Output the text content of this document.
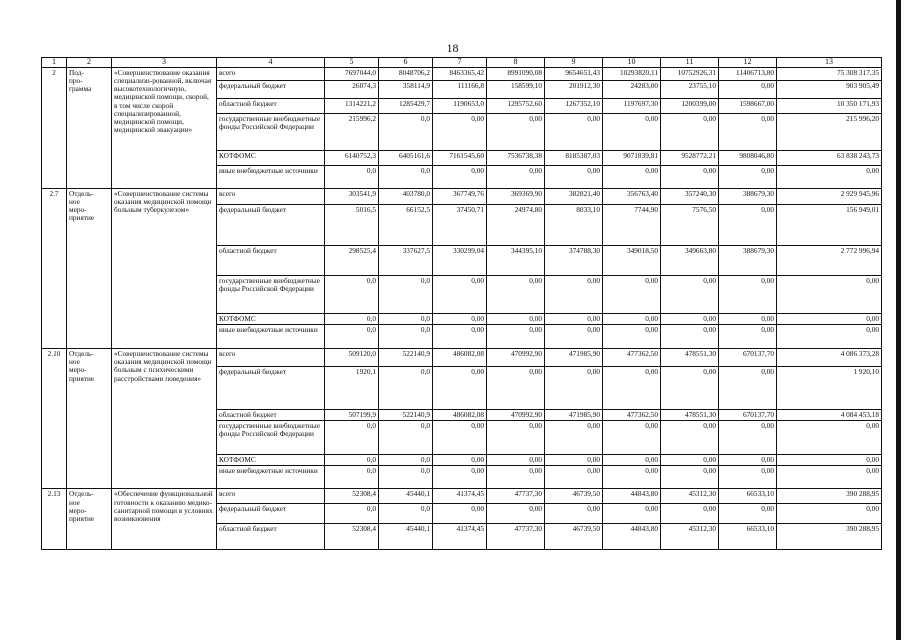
18
1	2	3	4	5	6	7	8	9	10	11	12	13
2	Под-
про-
грамма	«Совершенствование оказания специализи-рованной, включая высокотехнологичную, медицинской помощи, скорой, в том числе скорой специализированной, медицинской помощи, медицинской эвакуации»	всего	7697044,0	8048706,2	8463365,42	8991090,08	9654651,43	10293820,11	10752926,31	11406713,80	75 308 317,35
			федеральный бюджет	26074,3	358114,9	111166,8	158599,10	201912,30	24283,00	23755,10	0,00	903 905,49
			областной бюджет	1314221,2	1285429,7	1190653,0	1295752,60	1267352,10	1197697,30	1200399,00	1598667,00	10 350 171,93
			государственные внебюджетные фонды Российской Федерации	215996,2	0,0	0,00	0,00	0,00	0,00	0,00	0,00	215 996,20
			КОТФОМС	6140752,3	6405161,6	7161545,60	7536738,38	8185387,03	9071839,81	9528772,21	9808046,80	63 838 243,73
			иные внебюджетные источники	0,0	0,0	0,00	0,00	0,00	0,00	0,00	0,00	0,00
2.7	Отдель-
ное
меро-
приятие	«Совершенствование системы оказания медицинской помощи больным туберкулезом»	всего	303541,9	403780,0	367749,76	369369,90	382821,40	356763,40	357240,30	388679,30	2 929 945,96
			федеральный бюджет	5016,5	66152,5	37450,71	24974,80	8033,10	7744,90	7576,50	0,00	156 949,01
			областной бюджет	298525,4	337627,5	330299,04	344395,10	374788,30	349018,50	349663,80	388679,30	2 772 996,94
			государственные внебюджетные фонды Российской Федерации	0,0	0,0	0,00	0,00	0,00	0,00	0,00	0,00	0,00
			КОТФОМС	0,0	0,0	0,00	0,00	0,00	0,00	0,00	0,00	0,00
			иные внебюджетные источники	0,0	0,0	0,00	0,00	0,00	0,00	0,00	0,00	0,00
2.10	Отдель-
ное
меро-
приятие	«Совершенствование системы оказания медицинской помощи больным с психическими расстройствами поведения»	всего	509120,0	522140,9	486082,08	470992,90	471985,90	477362,50	478551,30	670137,70	4 086 373,28
			федеральный бюджет	1920,1	0,0	0,00	0,00	0,00	0,00	0,00	0,00	1 920,10
			областной бюджет	507199,9	522140,9	486082,08	470992,90	471985,90	477362,50	478551,30	670137,70	4 084 453,18
			государственные внебюджетные фонды Российской Федерации	0,0	0,0	0,00	0,00	0,00	0,00	0,00	0,00	0,00
			КОТФОМС	0,0	0,0	0,00	0,00	0,00	0,00	0,00	0,00	0,00
			иные внебюджетные источники	0,0	0,0	0,00	0,00	0,00	0,00	0,00	0,00	0,00
2.13	Отдель-
ное
меро-
приятие	«Обеспечение функциональной готовности к оказанию медико-санитарной помощи в условиях возникновения	всего	52308,4	45440,1	41374,45	47737,30	46739,50	44843,80	45312,30	66533,10	390 288,95
			федеральный бюджет	0,0	0,0	0,00	0,00	0,00	0,00	0,00	0,00	0,00
			областной бюджет	52308,4	45440,1	41374,45	47737,30	46739,50	44843,80	45312,30	66533,10	390 288,95
